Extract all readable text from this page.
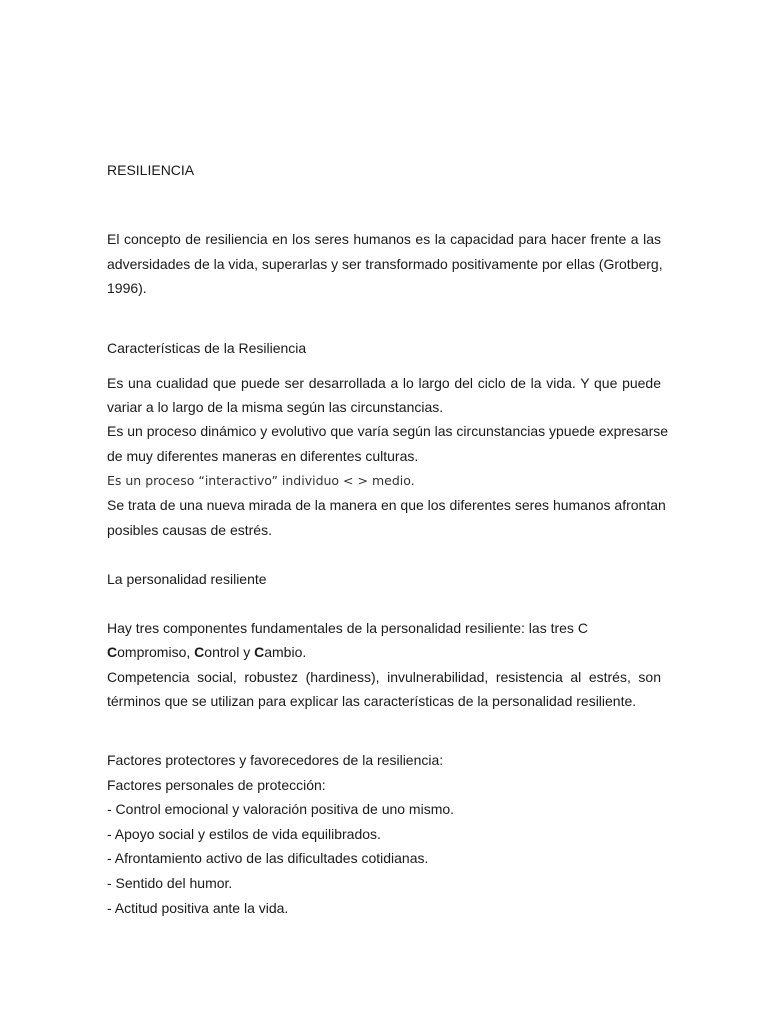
RESILIENCIA
El concepto de resiliencia en los seres humanos es la capacidad para hacer frente a las
adversidades de la vida, superarlas y ser transformado positivamente por ellas (Grotberg,
1996).
Características de la Resiliencia
Es una cualidad que puede ser desarrollada a lo largo del ciclo de la vida. Y que puede
variar a lo largo de la misma según las circunstancias.
Es un proceso dinámico y evolutivo que varía según las circunstancias ypuede expresarse
de muy diferentes maneras en diferentes culturas.
Es un proceso “interactivo” individuo < > medio.
Se trata de una nueva mirada de la manera en que los diferentes seres humanos afrontan
posibles causas de estrés.
La personalidad resiliente
Hay tres componentes fundamentales de la personalidad resiliente: las tres C
Compromiso, Control y Cambio.
Competencia social, robustez (hardiness), invulnerabilidad, resistencia al estrés, son
términos que se utilizan para explicar las características de la personalidad resiliente.
Factores protectores y favorecedores de la resiliencia:
Factores personales de protección:
- Control emocional y valoración positiva de uno mismo.
- Apoyo social y estilos de vida equilibrados.
- Afrontamiento activo de las dificultades cotidianas.
- Sentido del humor.
- Actitud positiva ante la vida.
